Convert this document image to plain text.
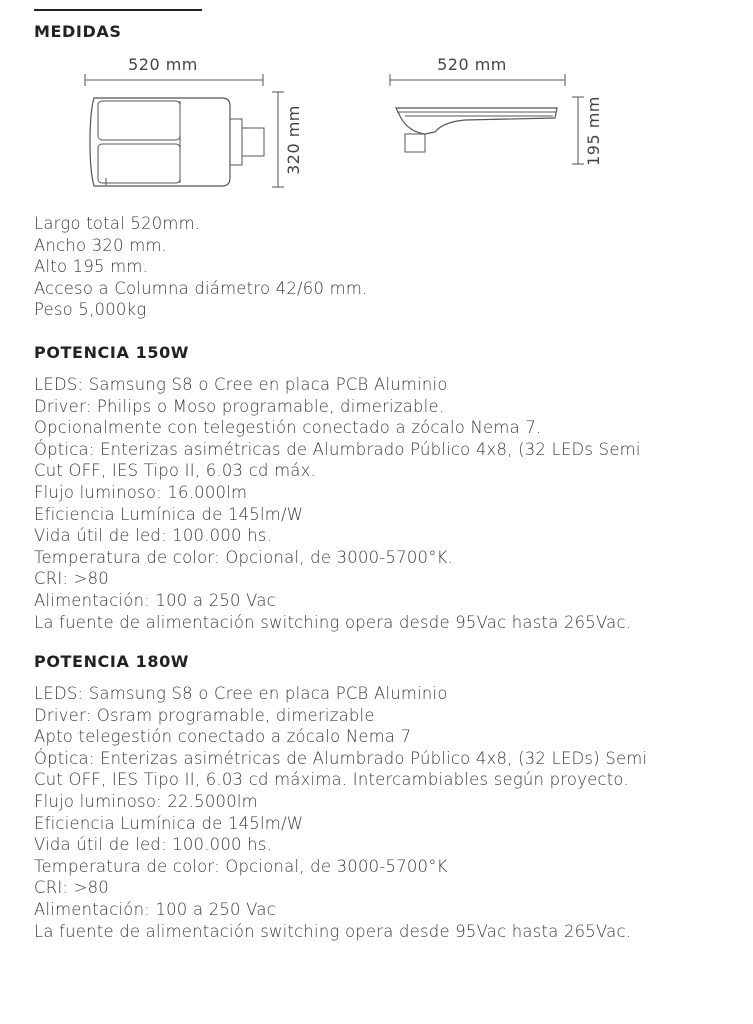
MEDIDAS
520 mm
320 mm
520 mm
195 mm
Largo total 520mm.
Ancho 320 mm.
Alto 195 mm.
Acceso a Columna diámetro 42/60 mm.
Peso 5,000kg
POTENCIA 150W
LEDS: Samsung S8 o Cree en placa PCB Aluminio
Driver: Philips o Moso programable, dimerizable.
Opcionalmente con telegestión conectado a zócalo Nema 7.
Óptica: Enterizas asimétricas de Alumbrado Público 4x8, (32 LEDs Semi
Cut OFF, IES Tipo II, 6.03 cd máx.
Flujo luminoso: 16.000lm
Eficiencia Lumínica de 145lm/W
Vida útil de led: 100.000 hs.
Temperatura de color: Opcional, de 3000-5700°K.
CRI: >80
Alimentación: 100 a 250 Vac
La fuente de alimentación switching opera desde 95Vac hasta 265Vac.
POTENCIA 180W
LEDS: Samsung S8 o Cree en placa PCB Aluminio
Driver: Osram programable, dimerizable
Apto telegestión conectado a zócalo Nema 7
Óptica: Enterizas asimétricas de Alumbrado Público 4x8, (32 LEDs) Semi
Cut OFF, IES Tipo II, 6.03 cd máxima. Intercambiables según proyecto.
Flujo luminoso: 22.5000lm
Eficiencia Lumínica de 145lm/W
Vida útil de led: 100.000 hs.
Temperatura de color: Opcional, de 3000-5700°K
CRI: >80
Alimentación: 100 a 250 Vac
La fuente de alimentación switching opera desde 95Vac hasta 265Vac.
